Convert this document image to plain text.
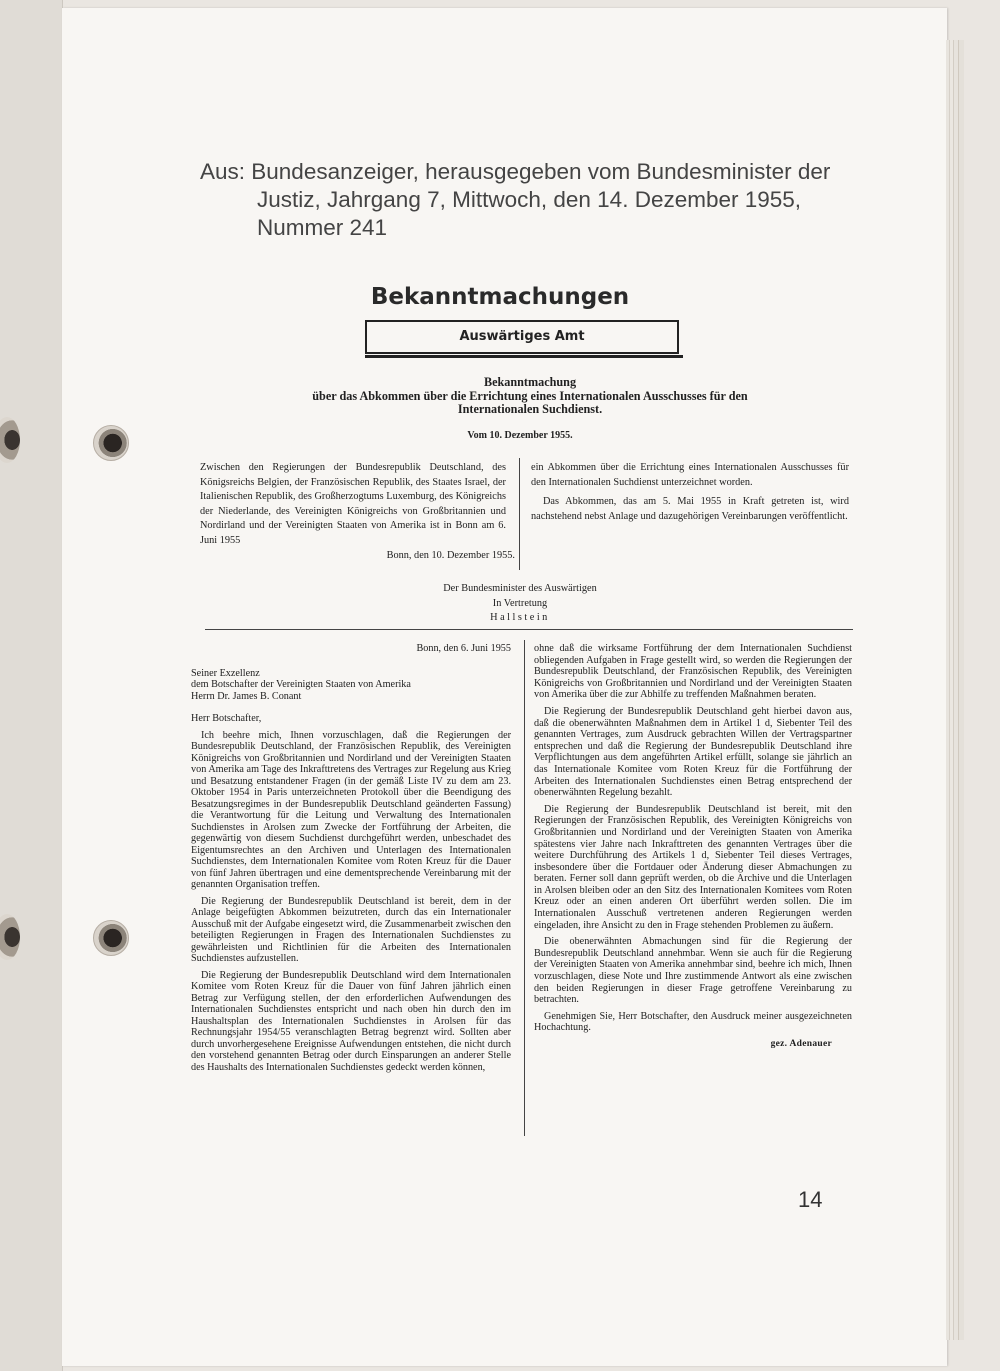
Aus: Bundesanzeiger, herausgegeben vom Bundesminister der
Justiz, Jahrgang 7, Mittwoch, den 14. Dezember 1955,
Nummer 241

Bekanntmachungen
Auswärtiges Amt
Bekanntmachung
über das Abkommen über die Errichtung eines Internationalen Ausschusses für den
Internationalen Suchdienst.
Vom 10. Dezember 1955.
Zwischen den Regierungen der Bundesrepublik Deutschland, des Königsreichs Belgien, der Französischen Republik, des Staates Israel, der Italienischen Republik, des Großherzogtums Luxemburg, des Königreichs der Niederlande, des Vereinigten Königreichs von Großbritannien und Nordirland und der Vereinigten Staaten von Amerika ist in Bonn am 6. Juni 1955

ein Abkommen über die Errichtung eines Internationalen Ausschusses für den Internationalen Suchdienst unterzeichnet worden.

Das Abkommen, das am 5. Mai 1955 in Kraft getreten ist, wird nachstehend nebst Anlage und dazugehörigen Vereinbarungen veröffentlicht.

Bonn, den 10. Dezember 1955.
Der Bundesminister des Auswärtigen
In Vertretung
Hallstein
Bonn, den 6. Juni 1955
Seiner Exzellenz
dem Botschafter der Vereinigten Staaten von Amerika
Herrn Dr. James B. Conant
Herr Botschafter,

Ich beehre mich, Ihnen vorzuschlagen, daß die Regierungen der Bundesrepublik Deutschland, der Französischen Republik, des Vereinigten Königreichs von Großbritannien und Nordirland und der Vereinigten Staaten von Amerika am Tage des Inkrafttretens des Vertrages zur Regelung aus Krieg und Besatzung entstandener Fragen (in der gemäß Liste IV zu dem am 23. Oktober 1954 in Paris unterzeichneten Protokoll über die Beendigung des Besatzungsregimes in der Bundesrepublik Deutschland geänderten Fassung) die Verantwortung für die Leitung und Verwaltung des Internationalen Suchdienstes in Arolsen zum Zwecke der Fortführung der Arbeiten, die gegenwärtig von diesem Suchdienst durchgeführt werden, unbeschadet des Eigentumsrechtes an den Archiven und Unterlagen des Internationalen Suchdienstes, dem Internationalen Komitee vom Roten Kreuz für die Dauer von fünf Jahren übertragen und eine dementsprechende Vereinbarung mit der genannten Organisation treffen.

Die Regierung der Bundesrepublik Deutschland ist bereit, dem in der Anlage beigefügten Abkommen beizutreten, durch das ein Internationaler Ausschuß mit der Aufgabe eingesetzt wird, die Zusammenarbeit zwischen den beteiligten Regierungen in Fragen des Internationalen Suchdienstes zu gewährleisten und Richtlinien für die Arbeiten des Internationalen Suchdienstes aufzustellen.

Die Regierung der Bundesrepublik Deutschland wird dem Internationalen Komitee vom Roten Kreuz für die Dauer von fünf Jahren jährlich einen Betrag zur Verfügung stellen, der den erforderlichen Aufwendungen des Internationalen Suchdienstes entspricht und nach oben hin durch den im Haushaltsplan des Internationalen Suchdienstes in Arolsen für das Rechnungsjahr 1954/55 veranschlagten Betrag begrenzt wird. Sollten aber durch unvorhergesehene Ereignisse Aufwendungen entstehen, die nicht durch den vorstehend genannten Betrag oder durch Einsparungen an anderer Stelle des Haushalts des Internationalen Suchdienstes gedeckt werden können,

ohne daß die wirksame Fortführung der dem Internationalen Suchdienst obliegenden Aufgaben in Frage gestellt wird, so werden die Regierungen der Bundesrepublik Deutschland, der Französischen Republik, des Vereinigten Königreichs von Großbritannien und Nordirland und der Vereinigten Staaten von Amerika über die zur Abhilfe zu treffenden Maßnahmen beraten.

Die Regierung der Bundesrepublik Deutschland geht hierbei davon aus, daß die obenerwähnten Maßnahmen dem in Artikel 1 d, Siebenter Teil des genannten Vertrages, zum Ausdruck gebrachten Willen der Vertragspartner entsprechen und daß die Regierung der Bundesrepublik Deutschland ihre Verpflichtungen aus dem angeführten Artikel erfüllt, solange sie jährlich an das Internationale Komitee vom Roten Kreuz für die Fortführung der Arbeiten des Internationalen Suchdienstes einen Betrag entsprechend der obenerwähnten Regelung bezahlt.

Die Regierung der Bundesrepublik Deutschland ist bereit, mit den Regierungen der Französischen Republik, des Vereinigten Königreichs von Großbritannien und Nordirland und der Vereinigten Staaten von Amerika spätestens vier Jahre nach Inkrafttreten des genannten Vertrages über die weitere Durchführung des Artikels 1 d, Siebenter Teil dieses Vertrages, insbesondere über die Fortdauer oder Änderung dieser Abmachungen zu beraten. Ferner soll dann geprüft werden, ob die Archive und die Unterlagen in Arolsen bleiben oder an den Sitz des Internationalen Komitees vom Roten Kreuz oder an einen anderen Ort überführt werden sollen. Die im Internationalen Ausschuß vertretenen anderen Regierungen werden eingeladen, ihre Ansicht zu den in Frage stehenden Problemen zu äußern.

Die obenerwähnten Abmachungen sind für die Regierung der Bundesrepublik Deutschland annehmbar. Wenn sie auch für die Regierung der Vereinigten Staaten von Amerika annehmbar sind, beehre ich mich, Ihnen vorzuschlagen, diese Note und Ihre zustimmende Antwort als eine zwischen den beiden Regierungen in dieser Frage getroffene Vereinbarung zu betrachten.

Genehmigen Sie, Herr Botschafter, den Ausdruck meiner ausgezeichneten Hochachtung.

gez. Adenauer
14
